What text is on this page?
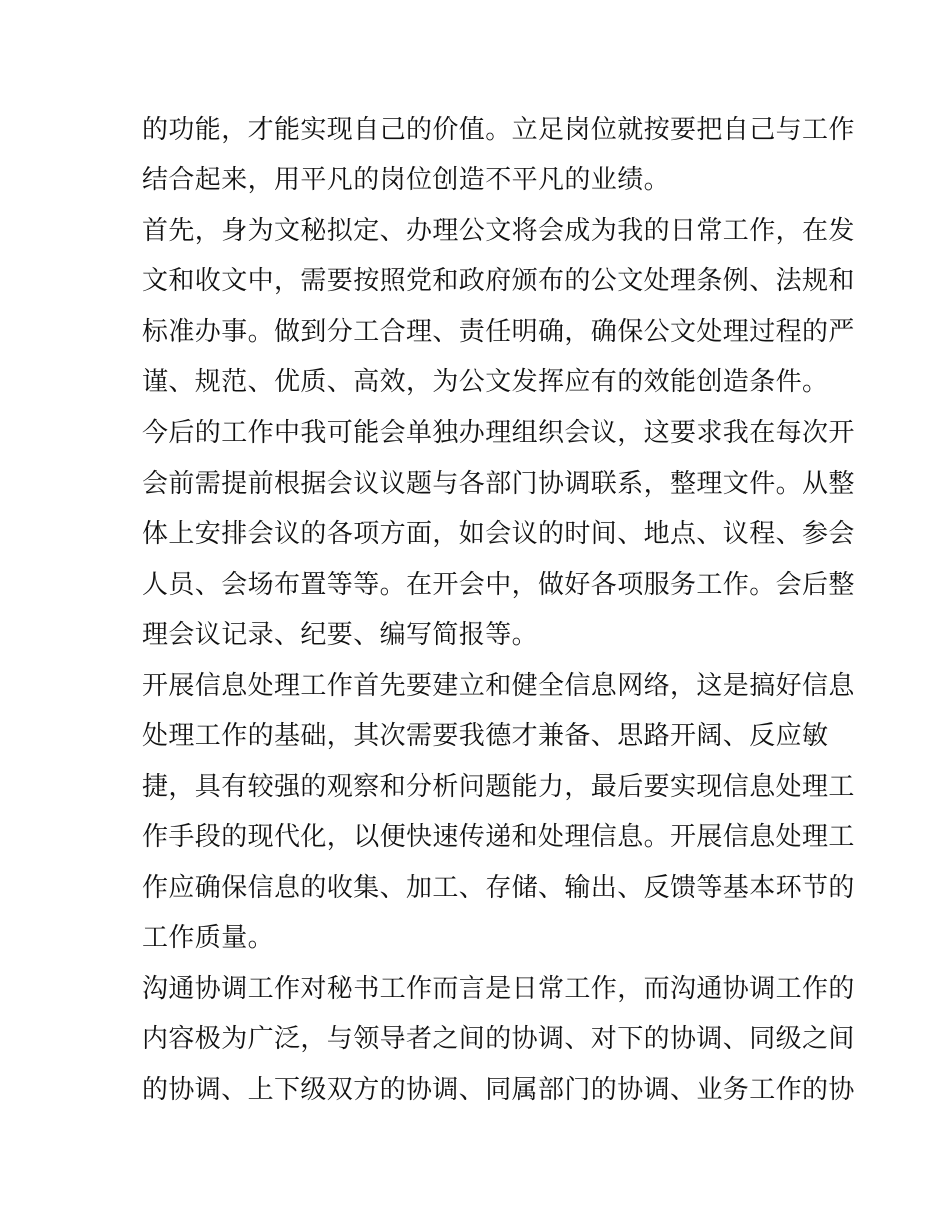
的功能，才能实现自己的价值。立足岗位就按要把自己与工作
结合起来，用平凡的岗位创造不平凡的业绩。
首先，身为文秘拟定、办理公文将会成为我的日常工作，在发
文和收文中，需要按照党和政府颁布的公文处理条例、法规和
标准办事。做到分工合理、责任明确，确保公文处理过程的严
谨、规范、优质、高效，为公文发挥应有的效能创造条件。
今后的工作中我可能会单独办理组织会议，这要求我在每次开
会前需提前根据会议议题与各部门协调联系，整理文件。从整
体上安排会议的各项方面，如会议的时间、地点、议程、参会
人员、会场布置等等。在开会中，做好各项服务工作。会后整
理会议记录、纪要、编写简报等。
开展信息处理工作首先要建立和健全信息网络，这是搞好信息
处理工作的基础，其次需要我德才兼备、思路开阔、反应敏
捷，具有较强的观察和分析问题能力，最后要实现信息处理工
作手段的现代化，以便快速传递和处理信息。开展信息处理工
作应确保信息的收集、加工、存储、输出、反馈等基本环节的
工作质量。
沟通协调工作对秘书工作而言是日常工作，而沟通协调工作的
内容极为广泛，与领导者之间的协调、对下的协调、同级之间
的协调、上下级双方的协调、同属部门的协调、业务工作的协
